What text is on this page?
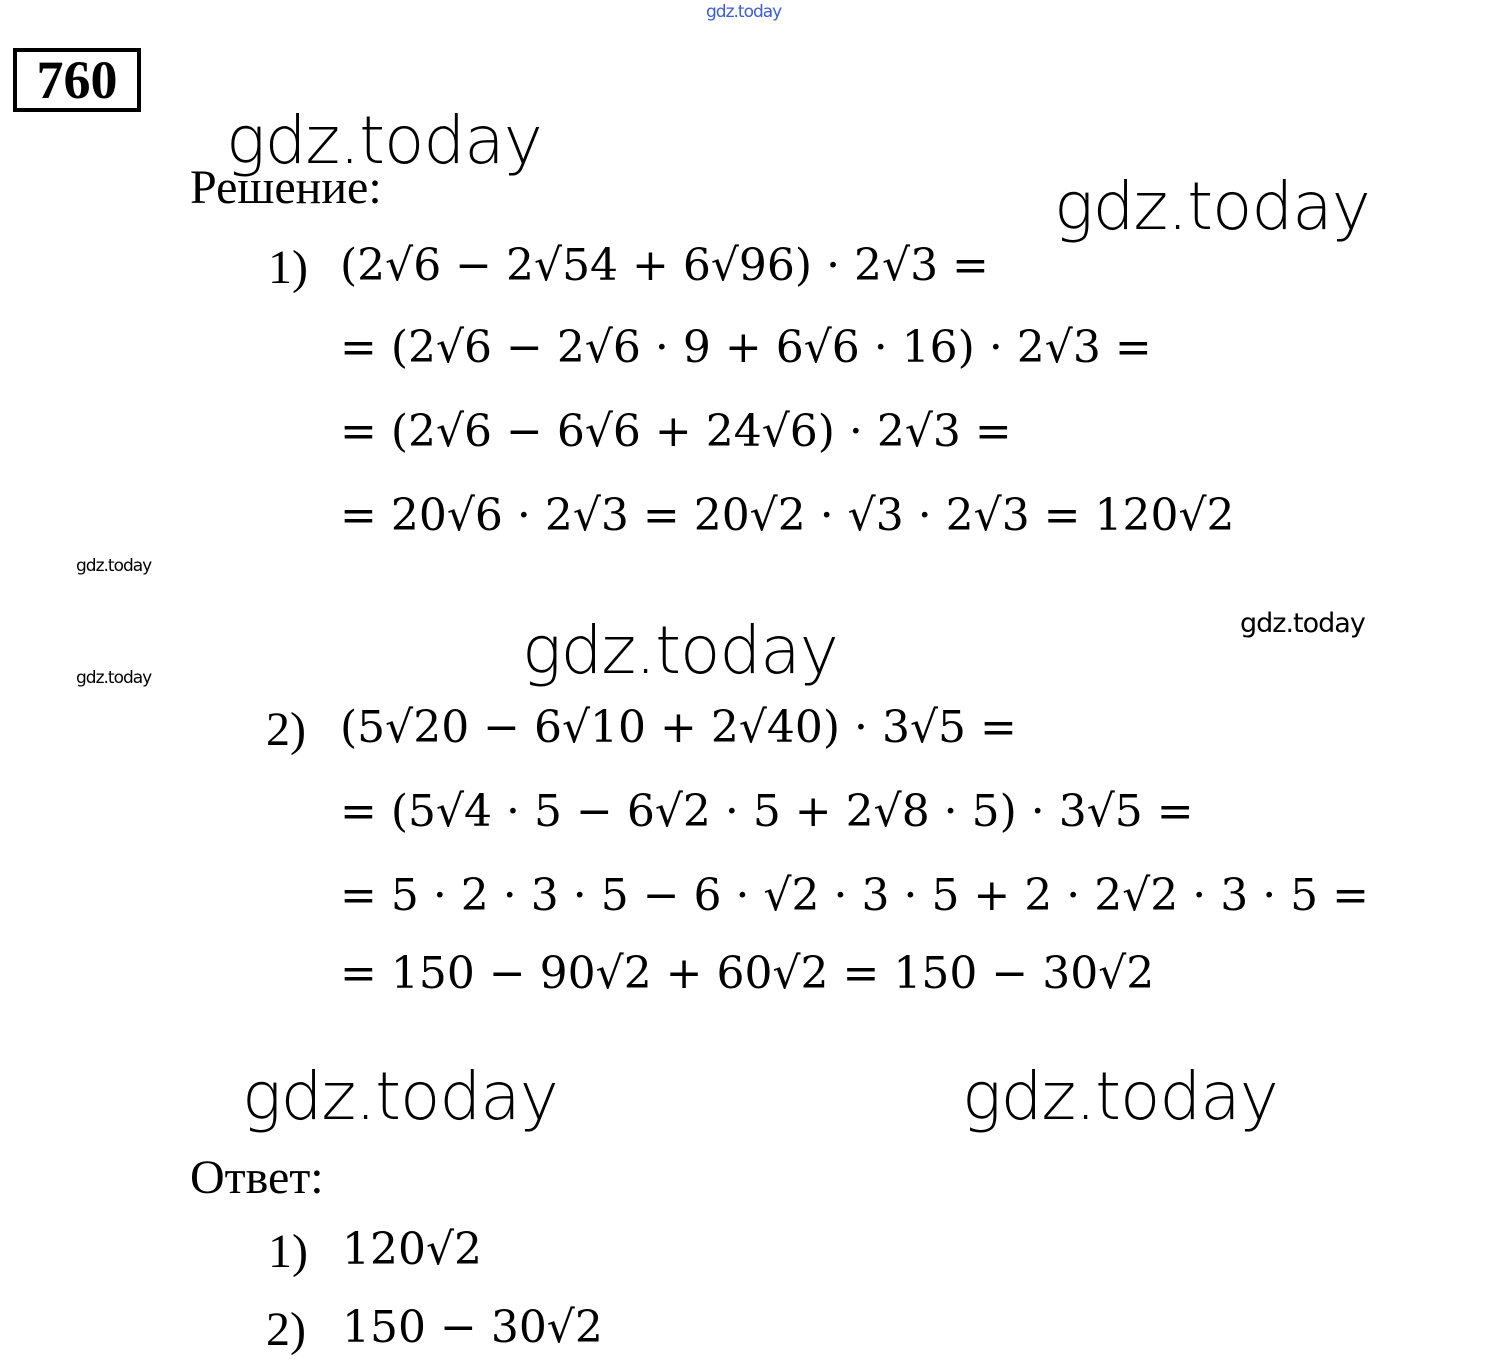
gdz.today
760
gdz.today
gdz.today
gdz.today
gdz.today	gdz.today
gdz.today
gdz.today
gdz.today
Решение:
1) (2√6 − 2√54 + 6√96) · 2√3 =
= (2√6 − 2√6 · 9 + 6√6 · 16) · 2√3 =
= (2√6 − 6√6 + 24√6) · 2√3 =
= 20√6 · 2√3 = 20√2 · √3 · 2√3 = 120√2
2) (5√20 − 6√10 + 2√40) · 3√5 =
= (5√4 · 5 − 6√2 · 5 + 2√8 · 5) · 3√5 =
= 5 · 2 · 3 · 5 − 6 · √2 · 3 · 5 + 2 · 2√2 · 3 · 5 =
= 150 − 90√2 + 60√2 = 150 − 30√2
Ответ:
1) 120√2
2) 150 − 30√2
